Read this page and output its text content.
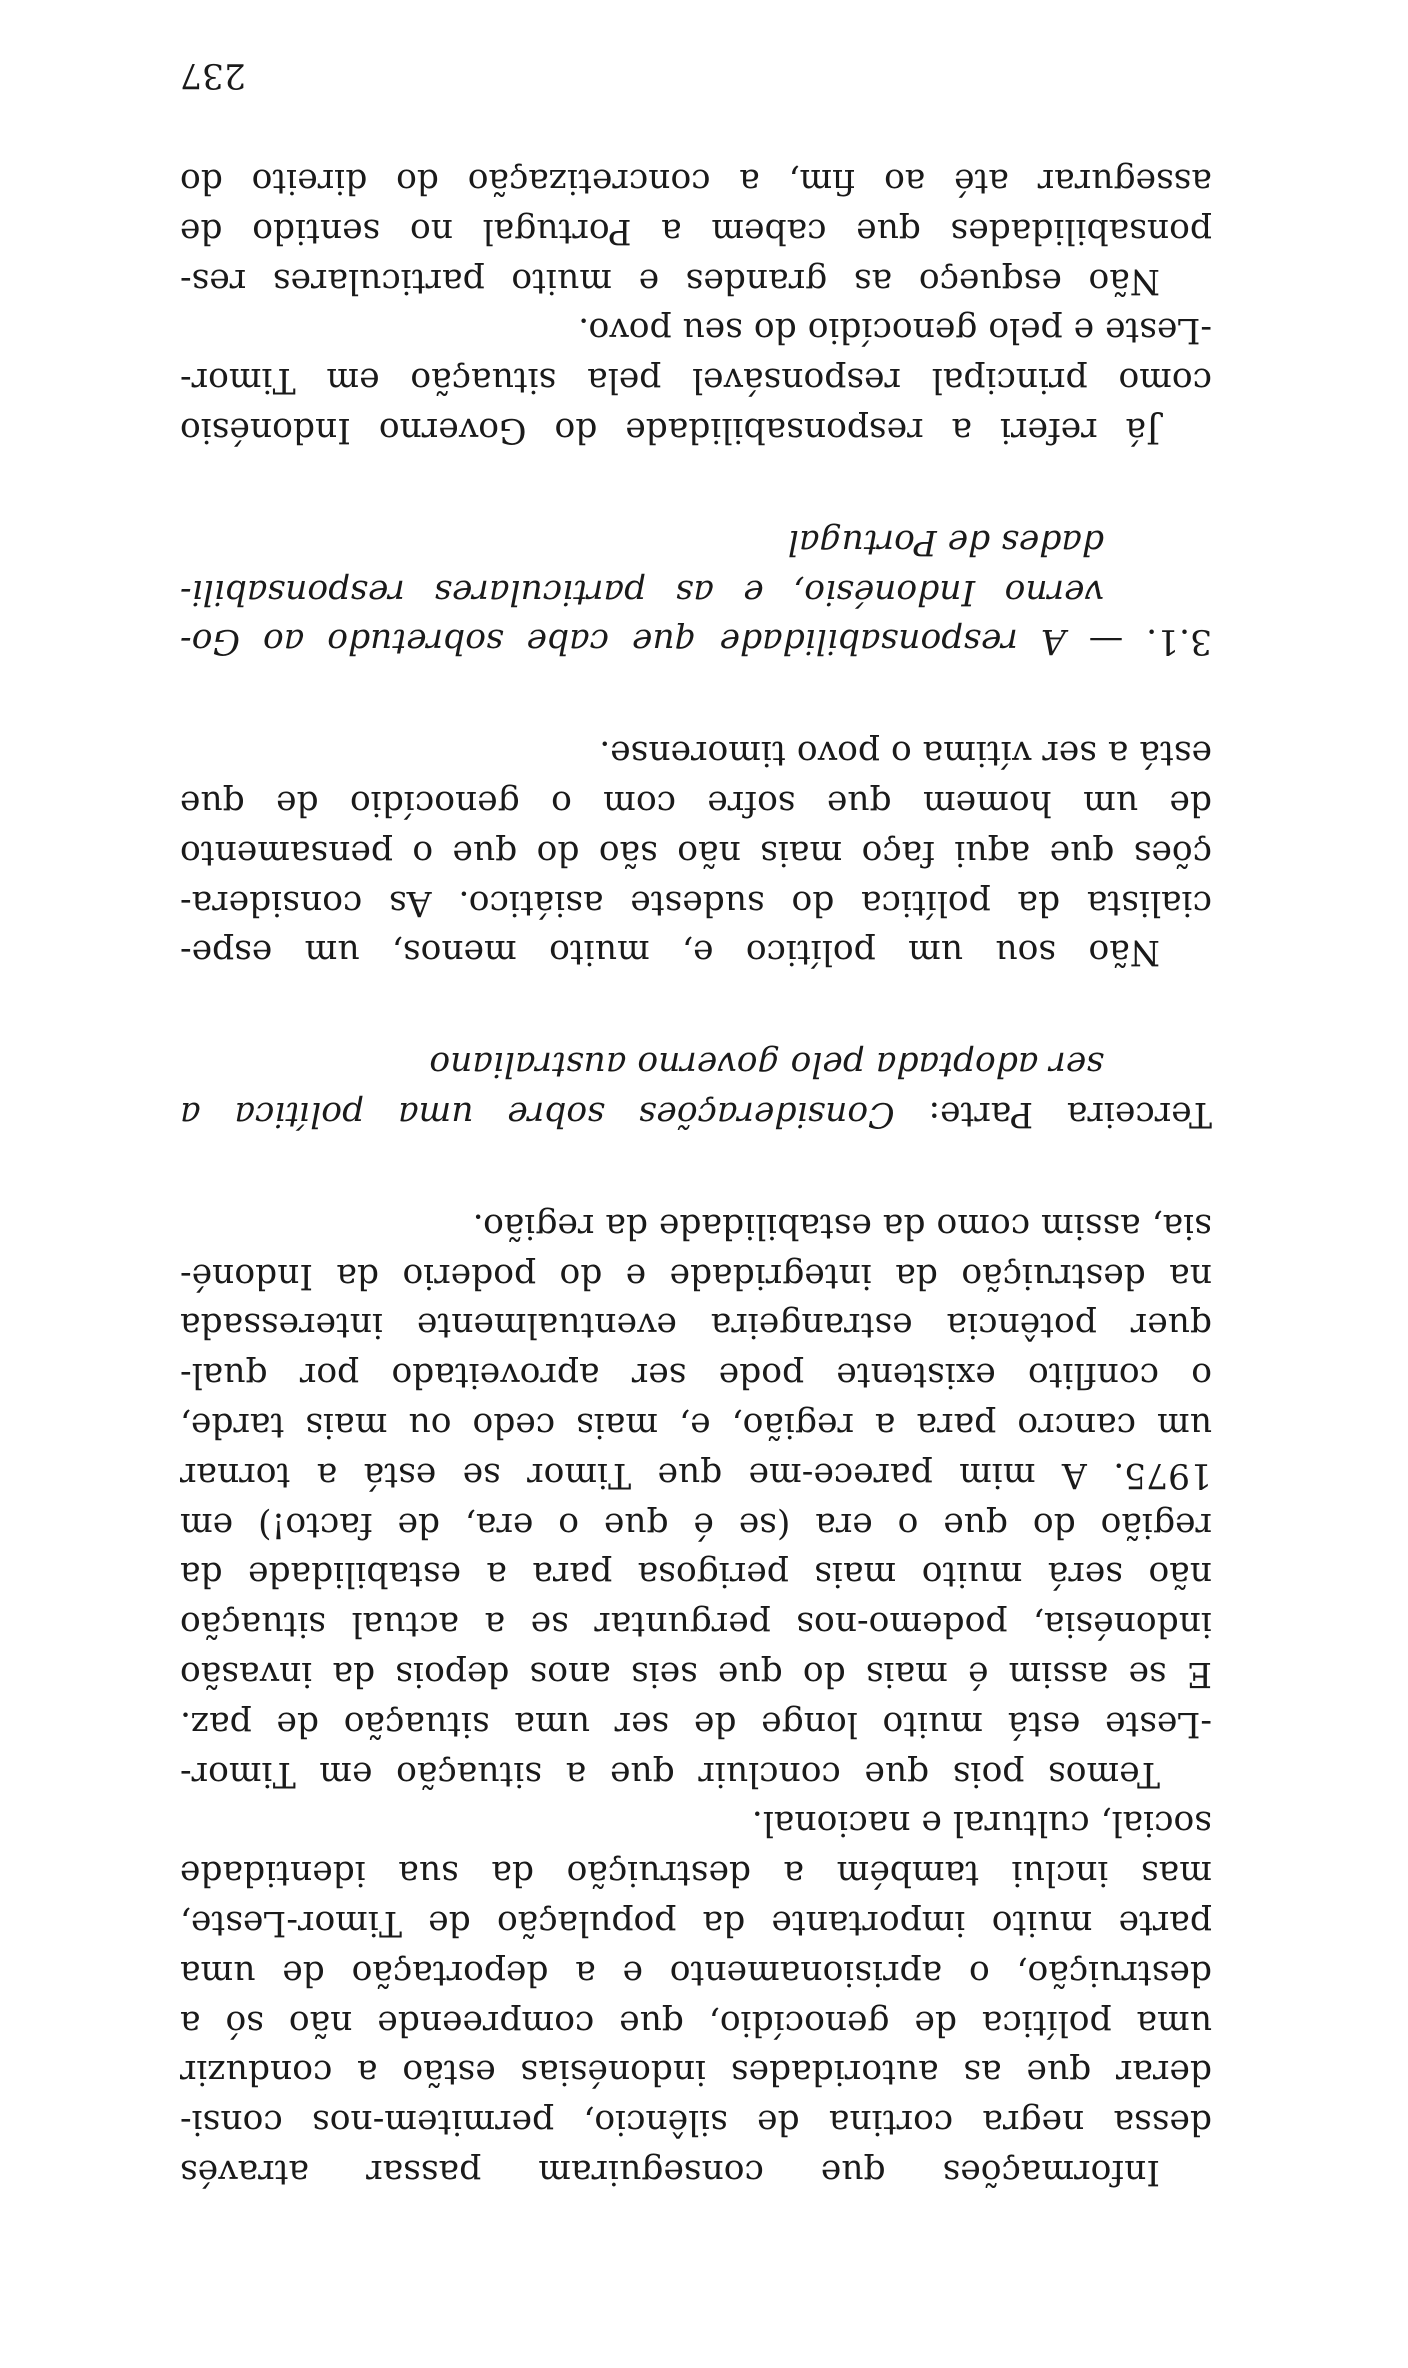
Informações que conseguiram passar através
dessa negra cortina de silêncio, permitem-nos consi-
derar que as autoridades indonésias estão a conduzir
uma política de genocídio, que compreende não só a
destruição, o aprisionamento e a deportação de uma
parte muito importante da população de Timor-Leste,
mas inclui também a destruição da sua identidade
social, cultural e nacional.
Temos pois que concluir que a situação em Timor-
-Leste está muito longe de ser uma situação de paz.
E se assim é mais do que seis anos depois da invasão
indonésia, podemo-nos perguntar se a actual situação
não será muito mais perigosa para a estabilidade da
região do que o era (se é que o era, de facto!) em
1975. A mim parece-me que Timor se está a tornar
um cancro para a região, e, mais cedo ou mais tarde,
o conflito existente pode ser aproveitado por qual-
quer potência estrangeira eventualmente interessada
na destruição da integridade e do poderio da Indoné-
sia, assim como da estabilidade da região.
Terceira Parte: Considerações sobre uma política a
ser adoptada pelo governo australiano
Não sou um político e, muito menos, um espe-
cialista da política do sudeste asiático. As considera-
ções que aqui faço mais não são do que o pensamento
de um homem que sofre com o genocídio de que
está a ser vítima o povo timorense.
3.1. — A responsabilidade que cabe sobretudo ao Go-
verno Indonésio, e as particulares responsabili-
dades de Portugal
Já referi a responsabilidade do Governo Indonésio
como principal responsável pela situação em Timor-
-Leste e pelo genocídio do seu povo.
Não esqueço as grandes e muito particulares res-
ponsabilidades que cabem a Portugal no sentido de
assegurar até ao fim, a concretização do direito do
237
